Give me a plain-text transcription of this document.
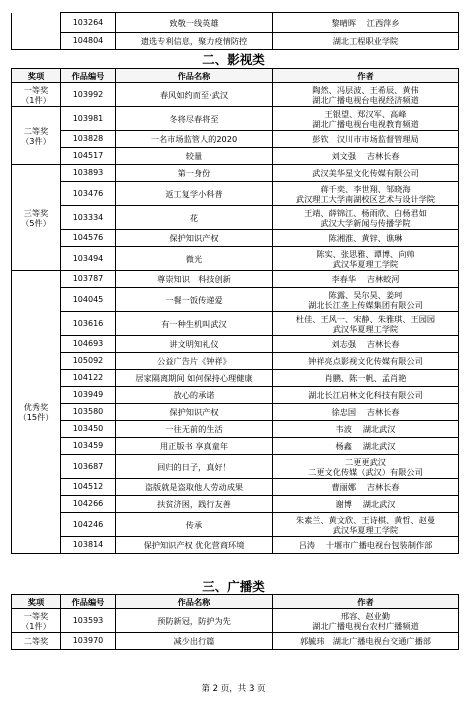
	103264	致敬一线英雄	黎晴晖　 江西萍乡

	104804	遗选专利信息，聚力疫情防控	湖北工程职业学院
二、影视类
奖项	作品编号	作品名称	作者

一等奖
（1件）	103992	春风如约而至·武汉	陶然、冯层波、王希辰、黄伟
湖北广播电视台电视经济频道

二等奖
（3件）	103981	冬将尽春将至	王银望、郑汉军、高峰
湖北广播电视台电视教育频道

	103828	一名市场监管人的2020	彭钦　汉川市市场监督管理局

	104517	较量	刘文强　 吉林长春

三等奖
（5件）	103893	第一身份	武汉美华星文化传媒有限公司

	103476	返工复学小科普	蒋千奕、李世翔、邹晓海
武汉理工大学南湖校区艺术与设计学院

	103334	花	王靖、薛锦江、杨雨欣、白杨君如
武汉大学新闻与传播学院

	104576	保护知识产权	陈湘淮、黄锌、谯琳

	103494	微光	陈实、张思雅、谭博、向帅
武汉华夏理工学院

优秀奖
（15件）	103787	尊崇知识　科技创新	李春华　 吉林蛟河

	104045	一餐一饭传递爱	陈露、吴尔昊、姜珂
湖北长江垄上传媒集团有限公司

	103616	有一种生机叫武汉	杜佳、王风一、宋静、朱雅琪、王园园
武汉华夏理工学院

	104693	讲文明知礼仪	刘志强　 吉林长春

	105092	公益广告片《钟祥》	钟祥亮点影视文化传媒有限公司

	104122	居家隔离期间 如何保持心理健康	肖鹏、陈一帆、孟肖艳

	103949	放心的承诺	湖北长江启林文化科技有限公司

	103580	保护知识产权	徐忠国　 吉林长春

	103450	一往无前的生活	韦波　 湖北武汉

	103459	用正版书 享真童年	杨鑫　 湖北武汉

	103687	回归的日子，真好！	二更更武汉
二更文化传媒（武汉）有限公司

	104512	盗版就是盗取他人劳动成果	曹丽娜　 吉林长春

	104266	扶贫济困，践行友善	谢博　 湖北武汉

	104246	传承	朱素兰、黄文欣、王诗棋、黄哲、赵曼
武汉华夏理工学院

	103814	保护知识产权 优化营商环境	吕涛　 十堰市广播电视台包装制作部
三、广播类
奖项	作品编号	作品名称	作者

一等奖
（1件）	103593	预防新冠，防护为先	邢容、赵业勤
湖北广播电视台农村广播频道

二等奖	103970	减少出行篇	郭毓玮　湖北广播电视台交通广播部
第 2 页，共 3 页
